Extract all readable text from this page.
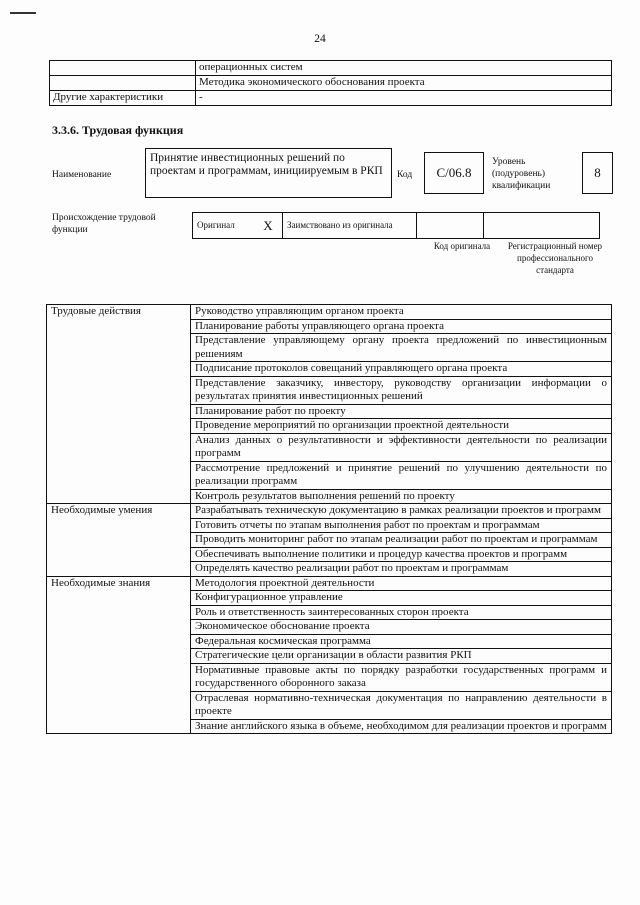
24
	операционных систем
	Методика экономического обоснования проекта
Другие характеристики	-
3.3.6. Трудовая функция
Наименование
Принятие инвестиционных решений по проектам и программам, инициируемым в РКП	Код	C/06.8
Уровень (подуровень) квалификации
8
Происхождение трудовой функции	Оригинал	X	Заимствовано из оригинала		
Код оригинала	Регистрационный номер профессионального стандарта
Трудовые действия	Руководство управляющим органом проекта
	Планирование работы управляющего органа проекта
	Представление управляющему органу проекта предложений по инвестиционным решениям
	Подписание протоколов совещаний управляющего органа проекта
	Представление заказчику, инвестору, руководству организации информации о результатах принятия инвестиционных решений
	Планирование работ по проекту
	Проведение мероприятий по организации проектной деятельности
	Анализ данных о результативности и эффективности деятельности по реализации программ
	Рассмотрение предложений и принятие решений по улучшению деятельности по реализации программ
	Контроль результатов выполнения решений по проекту
Необходимые умения	Разрабатывать техническую документацию в рамках реализации проектов и программ
	Готовить отчеты по этапам выполнения работ по проектам и программам
	Проводить мониторинг работ по этапам реализации работ по проектам и программам
	Обеспечивать выполнение политики и процедур качества проектов и программ
	Определять качество реализации работ по проектам и программам
Необходимые знания	Методология проектной деятельности
	Конфигурационное управление
	Роль и ответственность заинтересованных сторон проекта
	Экономическое обоснование проекта
	Федеральная космическая программа
	Стратегические цели организации в области развития РКП
	Нормативные правовые акты по порядку разработки государственных программ и государственного оборонного заказа
	Отраслевая нормативно-техническая документация по направлению деятельности в проекте
	Знание английского языка в объеме, необходимом для реализации проектов и программ
